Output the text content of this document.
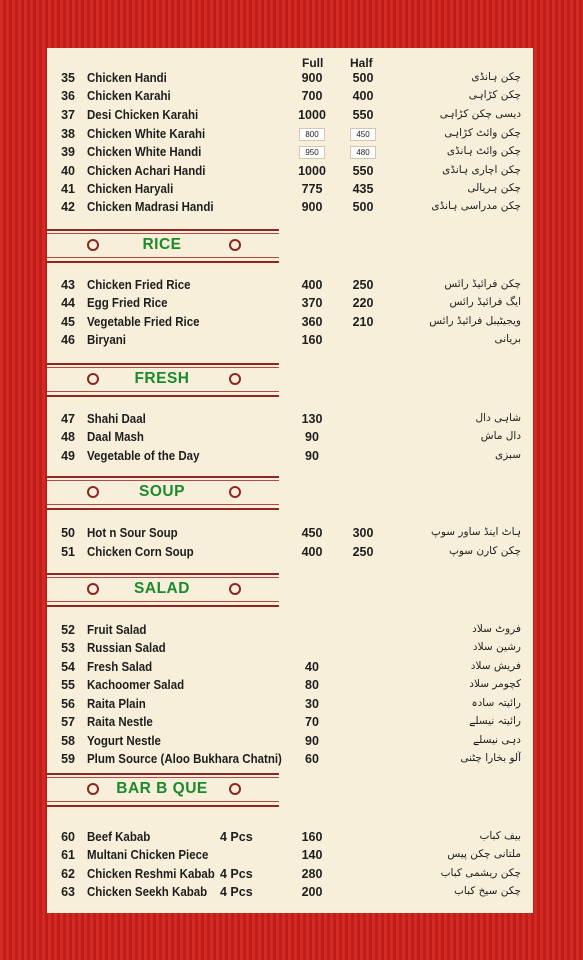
Full Half
35 Chicken Handi	900	500	چکن ہانڈی
36 Chicken Karahi	700	400	چکن کڑاہی
37 Desi Chicken Karahi	1000	550	دیسی چکن کڑاہی
38 Chicken White Karahi	800	450	چکن وائٹ کڑاہی
39 Chicken White Handi	950	480	چکن وائٹ ہانڈی
40 Chicken Achari Handi	1000	550	چکن اچاری ہانڈی
41 Chicken Haryali	775	435	چکن ہریالی
42 Chicken Madrasi Handi	900	500	چکن مدراسی ہانڈی
RICE
43 Chicken Fried Rice	400	250	چکن فرائیڈ رائس
44 Egg Fried Rice	370	220	ایگ فرائیڈ رائس
45 Vegetable Fried Rice	360	210	ویجیٹیبل فرائیڈ رائس
46 Biryani	160	بریانی
FRESH
47 Shahi Daal	130	شاہی دال
48 Daal Mash	90	دال ماش
49 Vegetable of the Day	90	سبزی
SOUP
50 Hot n Sour Soup	450	300	ہاٹ اینڈ ساور سوپ
51 Chicken Corn Soup	400	250	چکن کارن سوپ
SALAD
52 Fruit Salad	فروٹ سلاد
53 Russian Salad	رشین سلاد
54 Fresh Salad	40	فریش سلاد
55 Kachoomer Salad	80	کچومر سلاد
56 Raita Plain	30	رائیتہ سادہ
57 Raita Nestle	70	رائیتہ نیسلے
58 Yogurt Nestle	90	دہی نیسلے
59 Plum Source (Aloo Bukhara Chatni)	60	آلو بخارا چٹنی
BAR B QUE
60 Beef Kabab	4 Pcs	160	بیف کباب
61 Multani Chicken Piece	140	ملتانی چکن پیس
62 Chicken Reshmi Kabab 4 Pcs	280	چکن ریشمی کباب
63 Chicken Seekh Kabab 4 Pcs	200	چکن سیخ کباب
